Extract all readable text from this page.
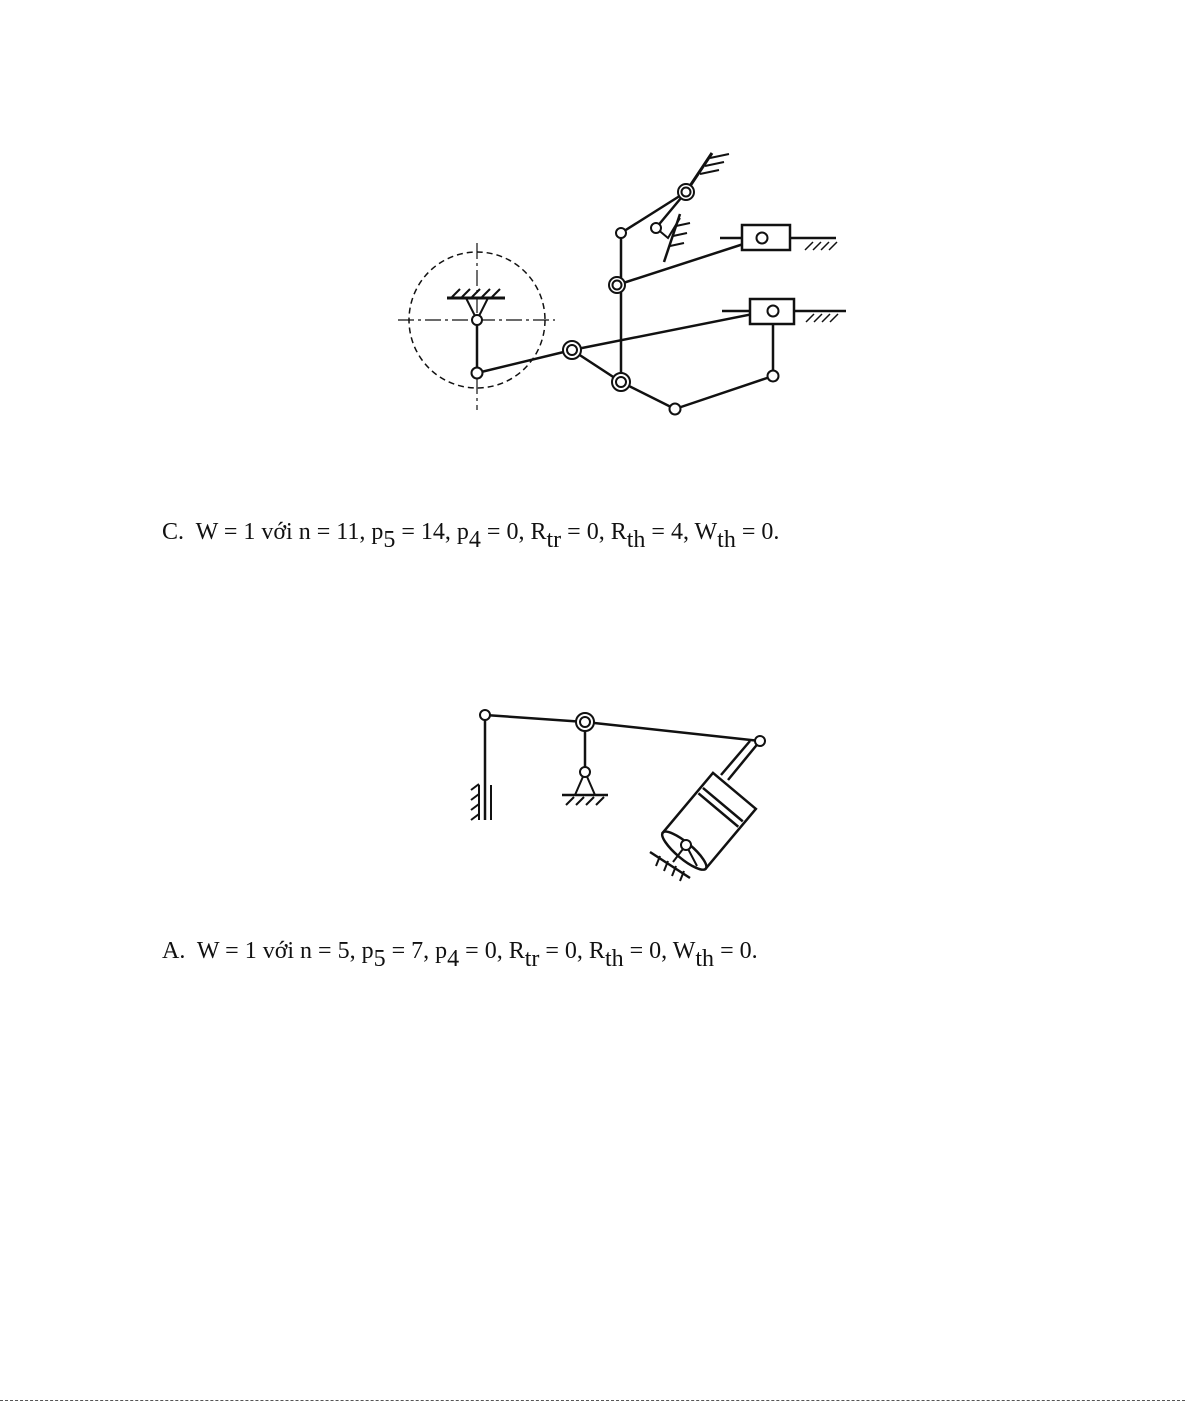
C. W = 1 với n = 11, p5 = 14, p4 = 0, Rtr = 0, Rth = 4, Wth = 0.
A. W = 1 với n = 5, p5 = 7, p4 = 0, Rtr = 0, Rth = 0, Wth = 0.
